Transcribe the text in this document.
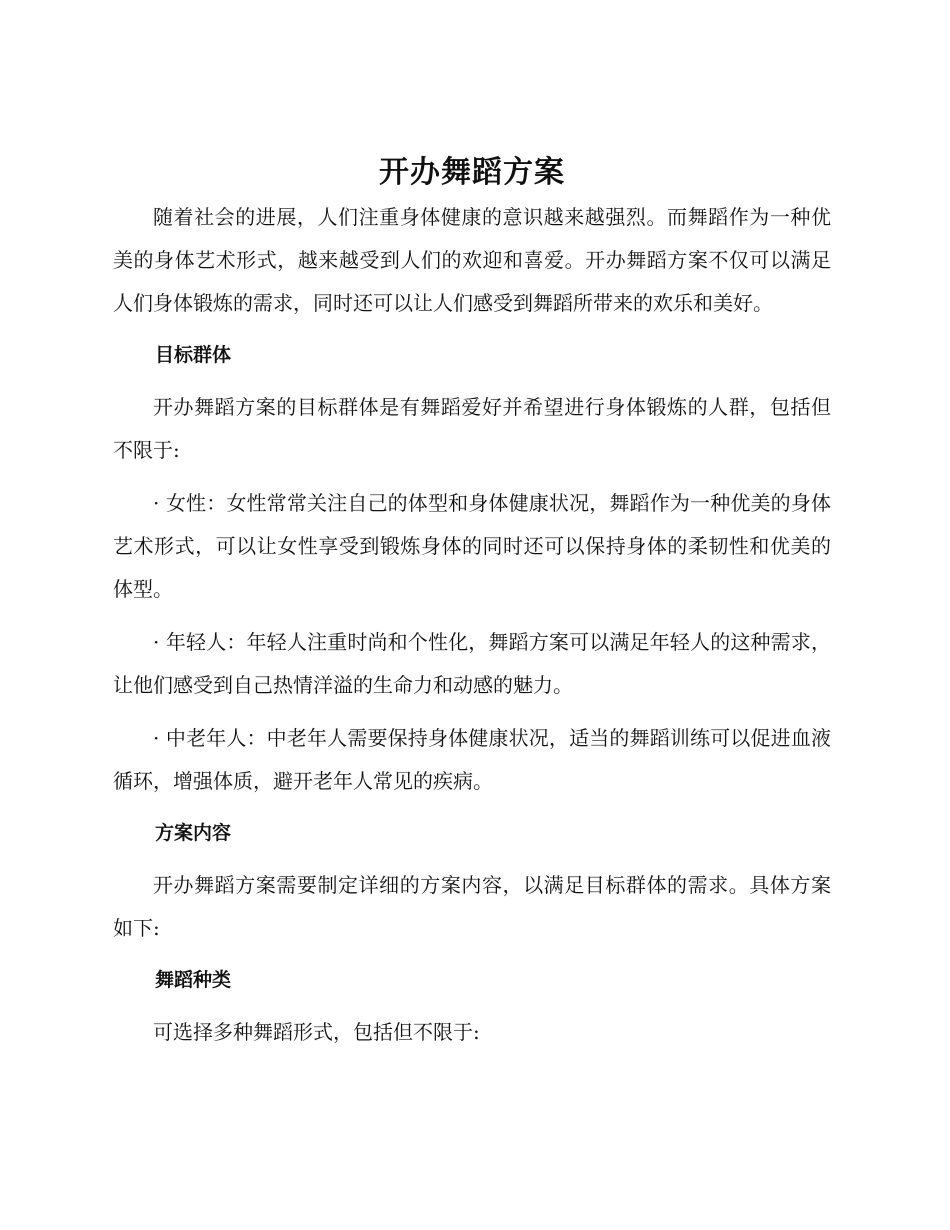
开办舞蹈方案

随着社会的进展，人们注重身体健康的意识越来越强烈。而舞蹈作为一种优美的身体艺术形式，越来越受到人们的欢迎和喜爱。开办舞蹈方案不仅可以满足人们身体锻炼的需求，同时还可以让人们感受到舞蹈所带来的欢乐和美好。

目标群体

开办舞蹈方案的目标群体是有舞蹈爱好并希望进行身体锻炼的人群，包括但不限于:

· 女性：女性常常关注自己的体型和身体健康状况，舞蹈作为一种优美的身体艺术形式，可以让女性享受到锻炼身体的同时还可以保持身体的柔韧性和优美的体型。

· 年轻人：年轻人注重时尚和个性化，舞蹈方案可以满足年轻人的这种需求，让他们感受到自己热情洋溢的生命力和动感的魅力。

· 中老年人：中老年人需要保持身体健康状况，适当的舞蹈训练可以促进血液循环，增强体质，避开老年人常见的疾病。

方案内容

开办舞蹈方案需要制定详细的方案内容，以满足目标群体的需求。具体方案如下:

舞蹈种类

可选择多种舞蹈形式，包括但不限于:
